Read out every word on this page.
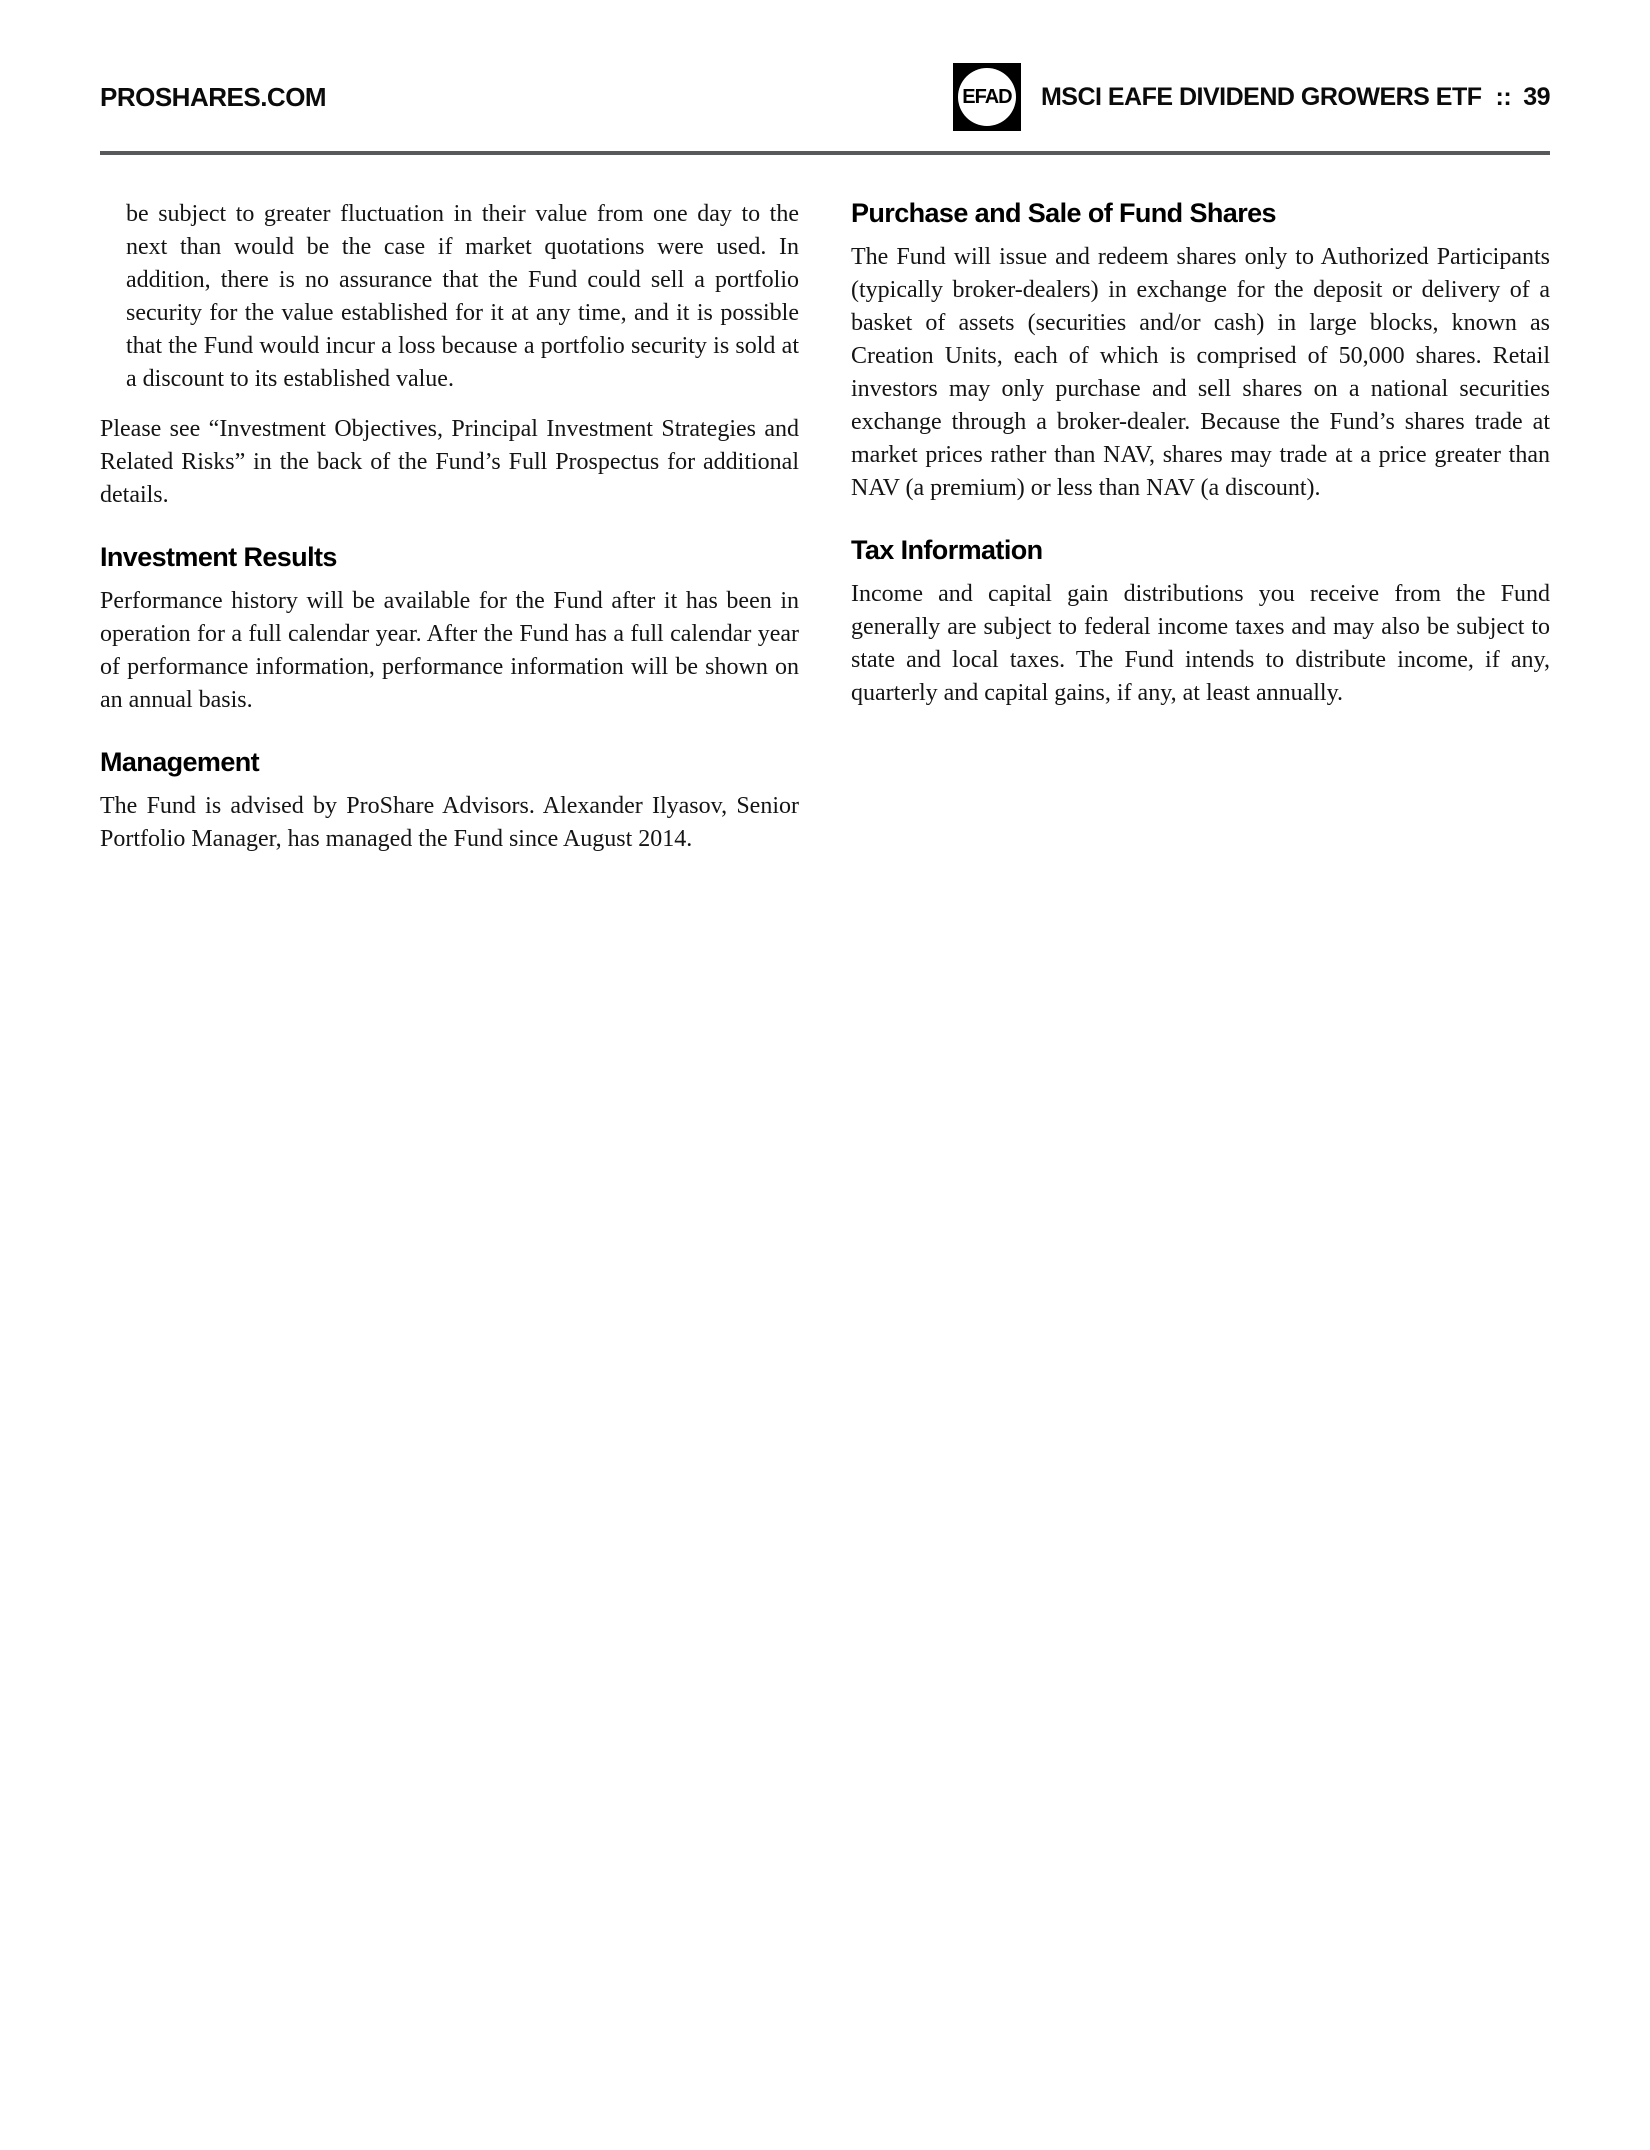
PROSHARES.COM	EFAD MSCI EAFE DIVIDEND GROWERS ETF :: 39

be subject to greater fluctuation in their value from one day to the next than would be the case if market quotations were used. In addition, there is no assurance that the Fund could sell a portfolio security for the value established for it at any time, and it is possible that the Fund would incur a loss because a portfolio security is sold at a discount to its established value.

Please see “Investment Objectives, Principal Investment Strategies and Related Risks” in the back of the Fund’s Full Prospectus for additional details.

Investment Results

Performance history will be available for the Fund after it has been in operation for a full calendar year. After the Fund has a full calendar year of performance information, performance information will be shown on an annual basis.

Management

The Fund is advised by ProShare Advisors. Alexander Ilyasov, Senior Portfolio Manager, has managed the Fund since August 2014.

Purchase and Sale of Fund Shares

The Fund will issue and redeem shares only to Authorized Participants (typically broker-dealers) in exchange for the deposit or delivery of a basket of assets (securities and/or cash) in large blocks, known as Creation Units, each of which is comprised of 50,000 shares. Retail investors may only purchase and sell shares on a national securities exchange through a broker-dealer. Because the Fund’s shares trade at market prices rather than NAV, shares may trade at a price greater than NAV (a premium) or less than NAV (a discount).

Tax Information

Income and capital gain distributions you receive from the Fund generally are subject to federal income taxes and may also be subject to state and local taxes. The Fund intends to distribute income, if any, quarterly and capital gains, if any, at least annually.
